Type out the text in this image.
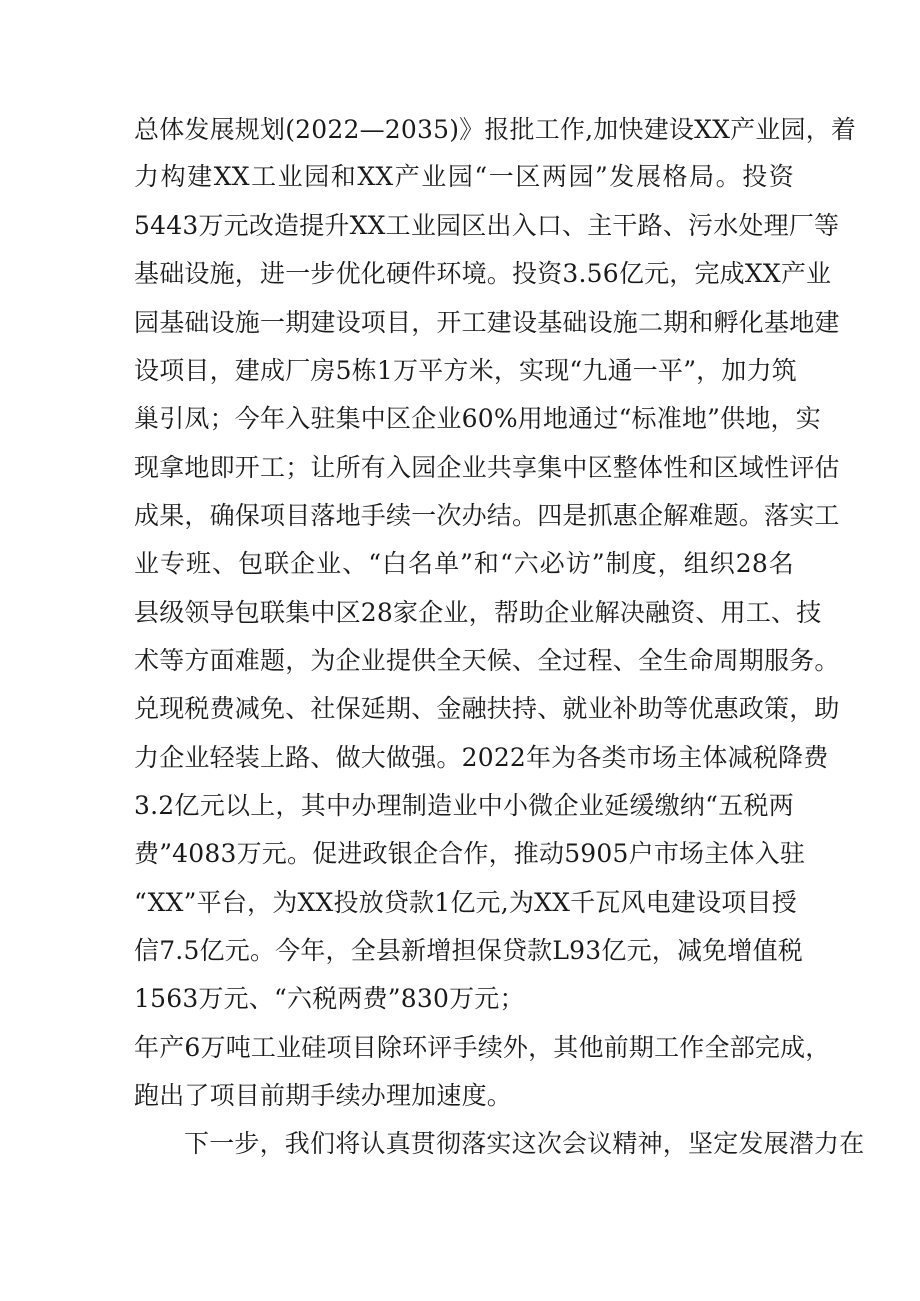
总体发展规划(2022—2035)》报批工作,加快建设XX产业园，着
力构建XX工业园和XX产业园“一区两园”发展格局。投资
5443万元改造提升XX工业园区出入口、主干路、污水处理厂等
基础设施，进一步优化硬件环境。投资3.56亿元，完成XX产业
园基础设施一期建设项目，开工建设基础设施二期和孵化基地建
设项目，建成厂房5栋1万平方米，实现“九通一平”，加力筑
巢引凤；今年入驻集中区企业60%用地通过“标准地”供地，实
现拿地即开工；让所有入园企业共享集中区整体性和区域性评估
成果，确保项目落地手续一次办结。四是抓惠企解难题。落实工
业专班、包联企业、“白名单”和“六必访”制度，组织28名
县级领导包联集中区28家企业，帮助企业解决融资、用工、技
术等方面难题，为企业提供全天候、全过程、全生命周期服务。
兑现税费减免、社保延期、金融扶持、就业补助等优惠政策，助
力企业轻装上路、做大做强。2022年为各类市场主体减税降费
3.2亿元以上，其中办理制造业中小微企业延缓缴纳“五税两
费”4083万元。促进政银企合作，推动5905户市场主体入驻
“XX”平台，为XX投放贷款1亿元,为XX千瓦风电建设项目授
信7.5亿元。今年，全县新增担保贷款L93亿元，减免增值税
1563万元、“六税两费”830万元；
年产6万吨工业硅项目除环评手续外，其他前期工作全部完成，
跑出了项目前期手续办理加速度。
下一步，我们将认真贯彻落实这次会议精神，坚定发展潜力在
